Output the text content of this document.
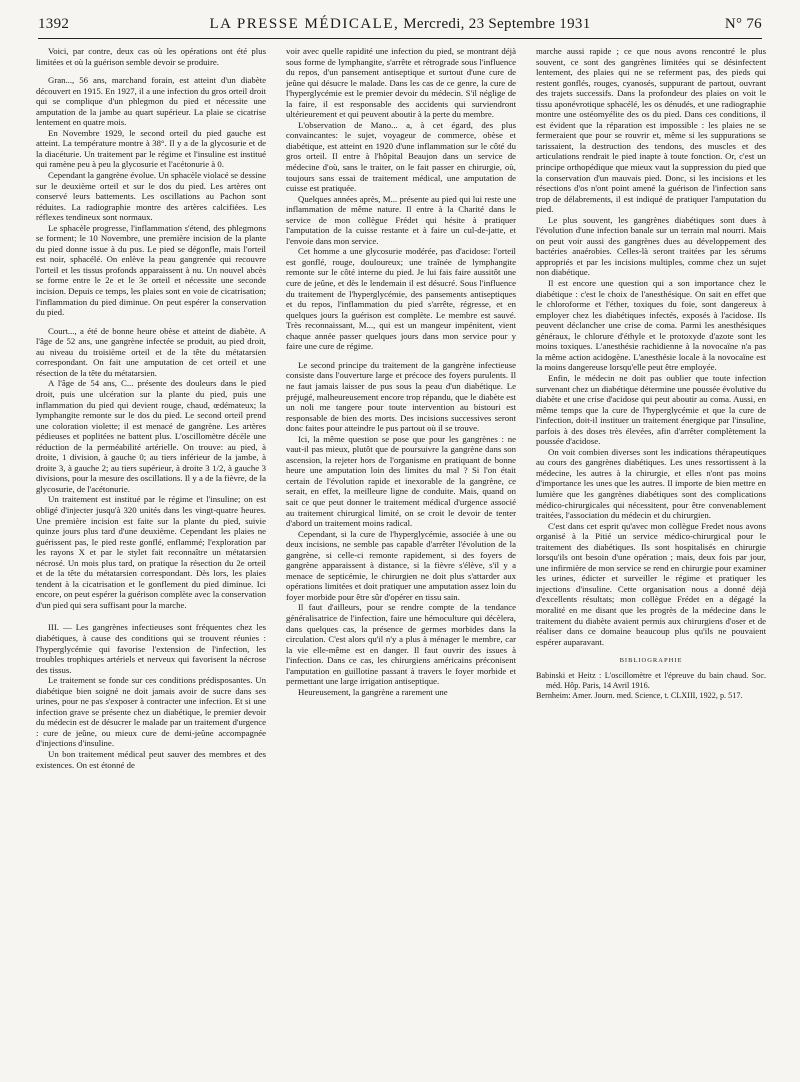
1392	LA PRESSE MÉDICALE, Mercredi, 23 Septembre 1931	N° 76

Voici, par contre, deux cas où les opérations ont été plus limitées et où la guérison semble devoir se produire.

Gran..., 56 ans, marchand forain, est atteint d'un diabète découvert en 1915. En 1927, il a une infection du gros orteil droit qui se complique d'un phlegmon du pied et nécessite une amputation de la jambe au quart supérieur. La plaie se cicatrise lentement en quatre mois.

En Novembre 1929, le second orteil du pied gauche est atteint. La température montre à 38°. Il y a de la glycosurie et de la diacéturie. Un traitement par le régime et l'insuline est institué qui ramène peu à peu la glycosurie et l'acétonurie à 0.

Cependant la gangrène évolue. Un sphacèle violacé se dessine sur le deuxième orteil et sur le dos du pied. Les artères ont conservé leurs battements. Les oscillations au Pachon sont réduites. La radiographie montre des artères calcifiées. Les réflexes tendineux sont normaux.

Le sphacèle progresse, l'inflammation s'étend, des phlegmons se forment; le 10 Novembre, une première incision de la plante du pied donne issue à du pus. Le pied se dégonfle, mais l'orteil est noir, sphacélé. On enlève la peau gangrenée qui recouvre l'orteil et les tissus profonds apparaissent à nu. Un nouvel abcès se forme entre le 2e et le 3e orteil et nécessite une seconde incision. Depuis ce temps, les plaies sont en voie de cicatrisation; l'inflammation du pied diminue. On peut espérer la conservation du pied.

Court..., a été de bonne heure obèse et atteint de diabète. A l'âge de 52 ans, une gangrène infectée se produit, au pied droit, au niveau du troisième orteil et de la tête du métatarsien correspondant. On fait une amputation de cet orteil et une résection de la tête du métatarsien.

A l'âge de 54 ans, C... présente des douleurs dans le pied droit, puis une ulcération sur la plante du pied, puis une inflammation du pied qui devient rouge, chaud, œdémateux; la lymphangite remonte sur le dos du pied. Le second orteil prend une coloration violette; il est menacé de gangrène. Les artères pédieuses et poplitées ne battent plus. L'oscillomètre décèle une réduction de la perméabilité artérielle. On trouve: au pied, à droite, 1 division, à gauche 0; au tiers inférieur de la jambe, à droite 3, à gauche 2; au tiers supérieur, à droite 3 1/2, à gauche 3 divisions, pour la mesure des oscillations. Il y a de la fièvre, de la glycosurie, de l'acétonurie.

Un traitement est institué par le régime et l'insuline; on est obligé d'injecter jusqu'à 320 unités dans les vingt-quatre heures. Une première incision est faite sur la plante du pied, suivie quinze jours plus tard d'une deuxième. Cependant les plaies ne guérissent pas, le pied reste gonflé, enflammé; l'exploration par les rayons X et par le stylet fait reconnaître un métatarsien nécrosé. Un mois plus tard, on pratique la résection du 2e orteil et de la tête du métatarsien correspondant. Dès lors, les plaies tendent à la cicatrisation et le gonflement du pied diminue. Ici encore, on peut espérer la guérison complète avec la conservation d'un pied qui sera suffisant pour la marche.

III. — Les gangrènes infectieuses sont fréquentes chez les diabétiques, à cause des conditions qui se trouvent réunies : l'hyperglycémie qui favorise l'extension de l'infection, les troubles trophiques artériels et nerveux qui favorisent la nécrose des tissus.

Le traitement se fonde sur ces conditions prédisposantes. Un diabétique bien soigné ne doit jamais avoir de sucre dans ses urines, pour ne pas s'exposer à contracter une infection. Et si une infection grave se présente chez un diabétique, le premier devoir du médecin est de désucrer le malade par un traitement d'urgence : cure de jeûne, ou mieux cure de demi-jeûne accompagnée d'injections d'insuline.

Un bon traitement médical peut sauver des membres et des existences. On est étonné de

voir avec quelle rapidité une infection du pied, se montrant déjà sous forme de lymphangite, s'arrête et rétrograde sous l'influence du repos, d'un pansement antiseptique et surtout d'une cure de jeûne qui désucre le malade. Dans les cas de ce genre, la cure de l'hyperglycémie est le premier devoir du médecin. S'il néglige de la faire, il est responsable des accidents qui surviendront ultérieurement et qui peuvent aboutir à la perte du membre.

L'observation de Mano... a, à cet égard, des plus convaincantes: le sujet, voyageur de commerce, obèse et diabétique, est atteint en 1920 d'une inflammation sur le côté du gros orteil. Il entre à l'hôpital Beaujon dans un service de médecine d'où, sans le traiter, on le fait passer en chirurgie, où, toujours sans essai de traitement médical, une amputation de cuisse est pratiquée.

Quelques années après, M... présente au pied qui lui reste une inflammation de même nature. Il entre à la Charité dans le service de mon collègue Frédet qui hésite à pratiquer l'amputation de la cuisse restante et à faire un cul-de-jatte, et l'envoie dans mon service.

Cet homme a une glycosurie modérée, pas d'acidose: l'orteil est gonflé, rouge, douloureux; une traînée de lymphangite remonte sur le côté interne du pied. Je lui fais faire aussitôt une cure de jeûne, et dès le lendemain il est désucré. Sous l'influence du traitement de l'hyperglycémie, des pansements antiseptiques et du repos, l'inflammation du pied s'arrête, régresse, et en quelques jours la guérison est complète. Le membre est sauvé. Très reconnaissant, M..., qui est un mangeur impénitent, vient chaque année passer quelques jours dans mon service pour y faire une cure de régime.

Le second principe du traitement de la gangrène infectieuse consiste dans l'ouverture large et précoce des foyers purulents. Il ne faut jamais laisser de pus sous la peau d'un diabétique. Le préjugé, malheureusement encore trop répandu, que le diabète est un noli me tangere pour toute intervention au bistouri est responsable de bien des morts. Des incisions successives seront donc faites pour atteindre le pus partout où il se trouve.

Ici, la même question se pose que pour les gangrènes : ne vaut-il pas mieux, plutôt que de poursuivre la gangrène dans son ascension, la rejeter hors de l'organisme en pratiquant de bonne heure une amputation loin des limites du mal ? Si l'on était certain de l'évolution rapide et inexorable de la gangrène, ce serait, en effet, la meilleure ligne de conduite. Mais, quand on sait ce que peut donner le traitement médical d'urgence associé au traitement chirurgical limité, on se croit le devoir de tenter d'abord un traitement moins radical.

Cependant, si la cure de l'hyperglycémie, associée à une ou deux incisions, ne semble pas capable d'arrêter l'évolution de la gangrène, si celle-ci remonte rapidement, si des foyers de gangrène apparaissent à distance, si la fièvre s'élève, s'il y a menace de septicémie, le chirurgien ne doit plus s'attarder aux opérations limitées et doit pratiquer une amputation assez loin du foyer morbide pour être sûr d'opérer en tissu sain.

Il faut d'ailleurs, pour se rendre compte de la tendance généralisatrice de l'infection, faire une hémoculture qui décèlera, dans quelques cas, la présence de germes morbides dans la circulation. C'est alors qu'il n'y a plus à ménager le membre, car la vie elle-même est en danger. Il faut ouvrir des issues à l'infection. Dans ce cas, les chirurgiens américains préconisent l'amputation en guillotine passant à travers le foyer morbide et permettant une large irrigation antiseptique.

Heureusement, la gangrène a rarement une

marche aussi rapide ; ce que nous avons rencontré le plus souvent, ce sont des gangrènes limitées qui se désinfectent lentement, des plaies qui ne se referment pas, des pieds qui restent gonflés, rouges, cyanosés, suppurant de partout, ouvrant des trajets successifs. Dans la profondeur des plaies on voit le tissu aponévrotique sphacélé, les os dénudés, et une radiographie montre une ostéomyélite des os du pied. Dans ces conditions, il est évident que la réparation est impossible : les plaies ne se fermeraient que pour se rouvrir et, même si les suppurations se tarissaient, la destruction des tendons, des muscles et des articulations rendrait le pied inapte à toute fonction. Or, c'est un principe orthopédique que mieux vaut la suppression du pied que la conservation d'un mauvais pied. Donc, si les incisions et les résections d'os n'ont point amené la guérison de l'infection sans trop de délabrements, il est indiqué de pratiquer l'amputation du pied.

Le plus souvent, les gangrènes diabétiques sont dues à l'évolution d'une infection banale sur un terrain mal nourri. Mais on peut voir aussi des gangrènes dues au développement des bactéries anaérobies. Celles-là seront traitées par les sérums appropriés et par les incisions multiples, comme chez un sujet non diabétique.

Il est encore une question qui a son importance chez le diabétique : c'est le choix de l'anesthésique. On sait en effet que le chloroforme et l'éther, toxiques du foie, sont dangereux à employer chez les diabétiques infectés, exposés à l'acidose. Ils peuvent déclancher une crise de coma. Parmi les anesthésiques généraux, le chlorure d'éthyle et le protoxyde d'azote sont les moins toxiques. L'anesthésie rachidienne à la novocaïne n'a pas la même action acidogène. L'anesthésie locale à la novocaïne est la moins dangereuse lorsqu'elle peut être employée.

Enfin, le médecin ne doit pas oublier que toute infection survenant chez un diabétique détermine une poussée évolutive du diabète et une crise d'acidose qui peut aboutir au coma. Aussi, en même temps que la cure de l'hyperglycémie et que la cure de l'infection, doit-il instituer un traitement énergique par l'insuline, parfois à des doses très élevées, afin d'arrêter complètement la poussée d'acidose.

On voit combien diverses sont les indications thérapeutiques au cours des gangrènes diabétiques. Les unes ressortissent à la médecine, les autres à la chirurgie, et elles n'ont pas moins d'importance les unes que les autres. Il importe de bien mettre en lumière que les gangrènes diabétiques sont des complications médico-chirurgicales qui nécessitent, pour être convenablement traitées, l'association du médecin et du chirurgien.

C'est dans cet esprit qu'avec mon collègue Fredet nous avons organisé à la Pitié un service médico-chirurgical pour le traitement des diabétiques. Ils sont hospitalisés en chirurgie lorsqu'ils ont besoin d'une opération ; mais, deux fois par jour, une infirmière de mon service se rend en chirurgie pour examiner les urines, édicter et surveiller le régime et pratiquer les injections d'insuline. Cette organisation nous a donné déjà d'excellents résultats; mon collègue Frédet en a dégagé la moralité en me disant que les progrès de la médecine dans le traitement du diabète avaient permis aux chirurgiens d'oser et de réaliser dans ce domaine beaucoup plus qu'ils ne pouvaient espérer auparavant.

BIBLIOGRAPHIE

Babinski et Heitz : L'oscillomètre et l'épreuve du bain chaud. Soc. méd. Hôp. Paris, 14 Avril 1916.

Bernheim: Amer. Journ. med. Science, t. CLXIII, 1922, p. 517.
